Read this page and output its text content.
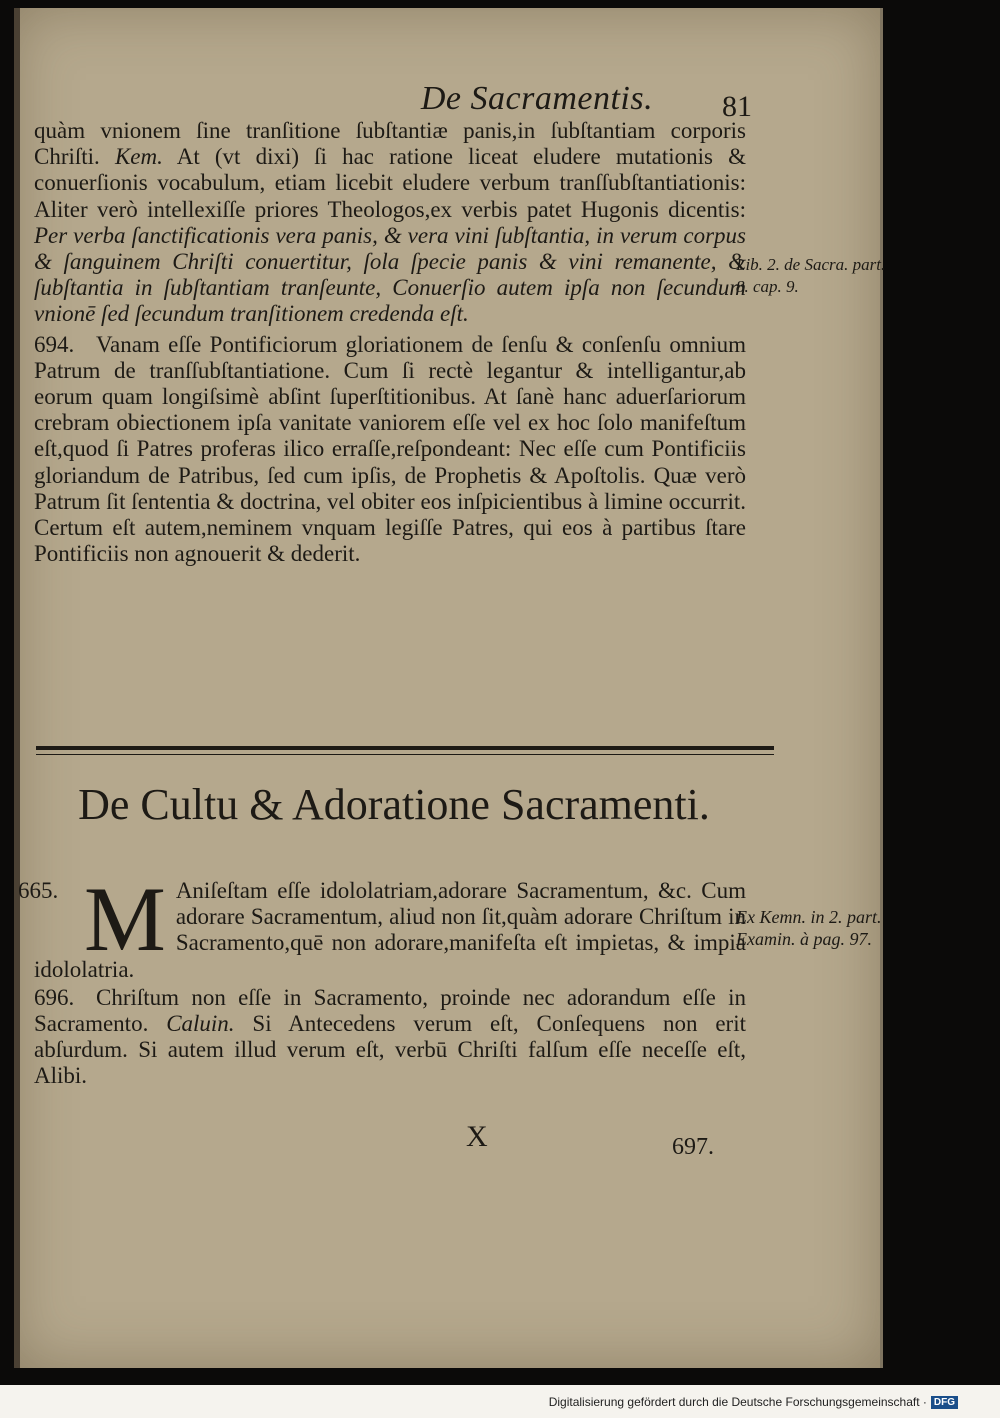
De Sacramentis.	81

quàm vnionem ſine tranſitione ſubſtantiæ panis,in ſubſtantiam corporis Chriſti. Kem. At (vt dixi) ſi hac ratione liceat eludere mutationis & conuerſionis vocabulum, etiam licebit eludere verbum tranſſubſtantiationis: Aliter verò intellexiſſe priores Theologos,ex verbis patet Hugonis dicentis: Per verba ſanctificationis vera panis, & vera vini ſubſtantia, in verum corpus & ſanguinem Chriſti conuertitur, ſola ſpecie panis & vini remanente, & ſubſtantia in ſubſtantiam tranſeunte, Conuerſio autem ipſa non ſecundum vnionē ſed ſecundum tranſitionem credenda eſt.

694. Vanam eſſe Pontificiorum gloriationem de ſenſu & conſenſu omnium Patrum de tranſſubſtantiatione. Cum ſi rectè legantur & intelligantur,ab eorum quam longiſsimè abſint ſuperſtitionibus. At ſanè hanc aduerſariorum crebram obiectionem ipſa vanitate vaniorem eſſe vel ex hoc ſolo manifeſtum eſt,quod ſi Patres proferas ilico erraſſe,reſpondeant: Nec eſſe cum Pontificiis gloriandum de Patribus, ſed cum ipſis, de Prophetis & Apoſtolis. Quæ verò Patrum ſit ſententia & doctrina, vel obiter eos inſpicientibus à limine occurrit. Certum eſt autem,neminem vnquam legiſſe Patres, qui eos à partibus ſtare Pontificiis non agnouerit & dederit.

Lib. 2. de Sacra. part. 8. cap. 9.
De Cultu & Adoratione Sacramenti.

M Aniſeſtam eſſe idololatriam,adorare Sacramentum, &c. Cum adorare Sacramentum, aliud non ſit,quàm adorare Chriſtum in Sacramento,quē non adorare,manifeſta eſt impietas, & impia idololatria.

696. Chriſtum non eſſe in Sacramento, proinde nec adorandum eſſe in Sacramento. Caluin. Si Antecedens verum eſt, Conſequens non erit abſurdum. Si autem illud verum eſt, verbū Chriſti falſum eſſe neceſſe eſt, Alibi.

Ex Kemn. in 2. part. Examin. à pag. 97.
665.
X	697.
Digitalisierung gefördert durch die Deutsche Forschungsgemeinschaft · DFG
